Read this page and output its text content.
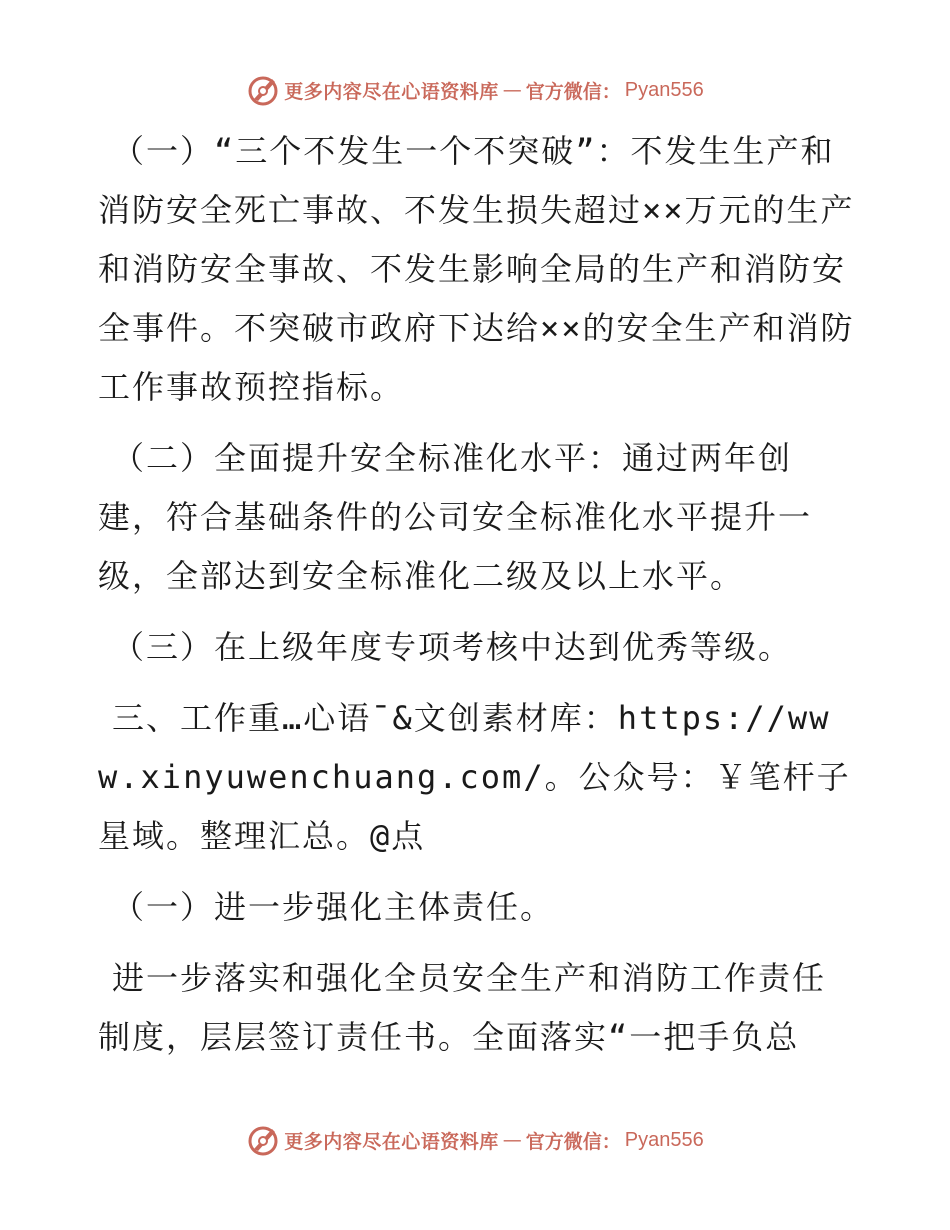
更多内容尽在心语资料库 — 官方微信： Pyan556

（一）“三个不发生一个不突破”：不发生生产和消防安全死亡事故、不发生损失超过××万元的生产和消防安全事故、不发生影响全局的生产和消防安全事件。不突破市政府下达给××的安全生产和消防工作事故预控指标。

（二）全面提升安全标准化水平：通过两年创建，符合基础条件的公司安全标准化水平提升一级，全部达到安全标准化二级及以上水平。

（三）在上级年度专项考核中达到优秀等级。

三、工作重…心语¯&文创素材库：https://www.xinyuwenchuang.com/。公众号：￥笔杆子星域。整理汇总。@点

（一）进一步强化主体责任。

进一步落实和强化全员安全生产和消防工作责任制度，层层签订责任书。全面落实“一把手负总

更多内容尽在心语资料库 — 官方微信： Pyan556
